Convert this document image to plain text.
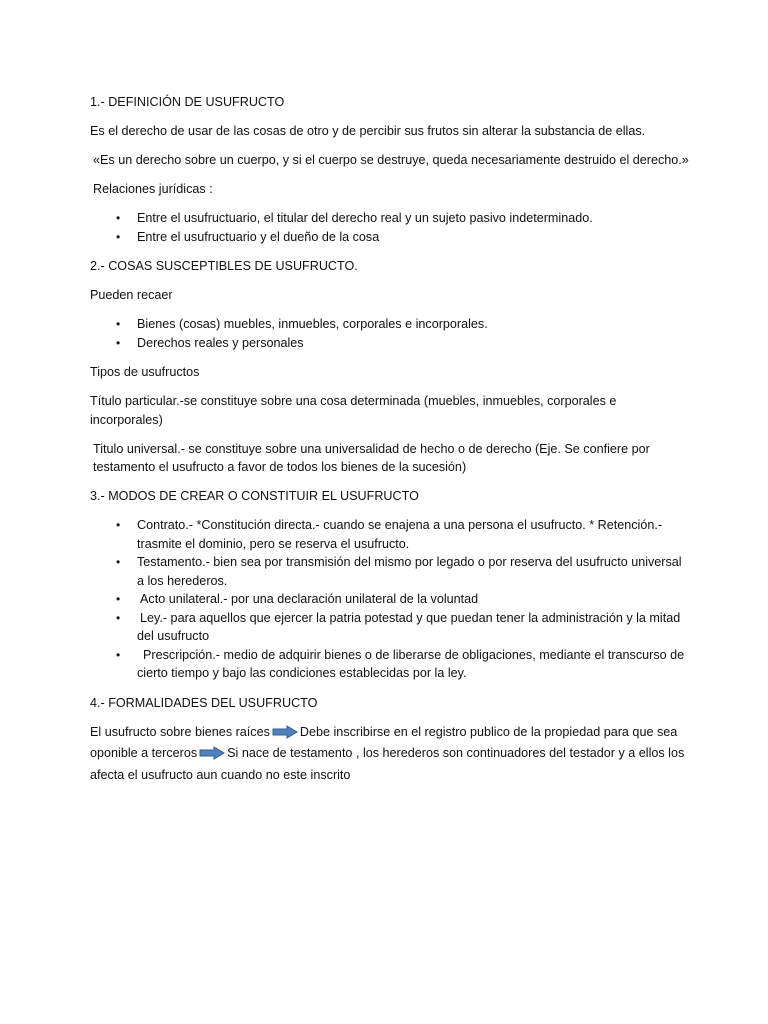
1.- DEFINICIÓN DE USUFRUCTO

Es el derecho de usar de las cosas de otro y de percibir sus frutos sin alterar la substancia de ellas.

«Es un derecho sobre un cuerpo, y si el cuerpo se destruye, queda necesariamente destruido el derecho.»

Relaciones jurídicas :

• Entre el usufructuario, el titular del derecho real y un sujeto pasivo indeterminado.
• Entre el usufructuario y el dueño de la cosa

2.- COSAS SUSCEPTIBLES DE USUFRUCTO.

Pueden recaer

• Bienes (cosas) muebles, inmuebles, corporales e incorporales.
• Derechos reales y personales

Tipos de usufructos

Título particular.-se constituye sobre una cosa determinada (muebles, inmuebles, corporales e incorporales)

Titulo universal.- se constituye sobre una universalidad de hecho o de derecho (Eje. Se confiere por testamento el usufructo a favor de todos los bienes de la sucesión)

3.- MODOS DE CREAR O CONSTITUIR EL USUFRUCTO

• Contrato.- *Constitución directa.- cuando se enajena a una persona el usufructo. * Retención.- trasmite el dominio, pero se reserva el usufructo.
• Testamento.- bien sea por transmisión del mismo por legado o por reserva del usufructo universal a los herederos.
• Acto unilateral.- por una declaración unilateral de la voluntad
• Ley.- para aquellos que ejercer la patria potestad y que puedan tener la administración y la mitad del usufructo
• Prescripción.- medio de adquirir bienes o de liberarse de obligaciones, mediante el transcurso de cierto tiempo y bajo las condiciones establecidas por la ley.

4.- FORMALIDADES DEL USUFRUCTO

El usufructo sobre bienes raíces Debe inscribirse en el registro publico de la propiedad para que sea oponible a terceros Si nace de testamento , los herederos son continuadores del testador y a ellos los afecta el usufructo aun cuando no este inscrito
